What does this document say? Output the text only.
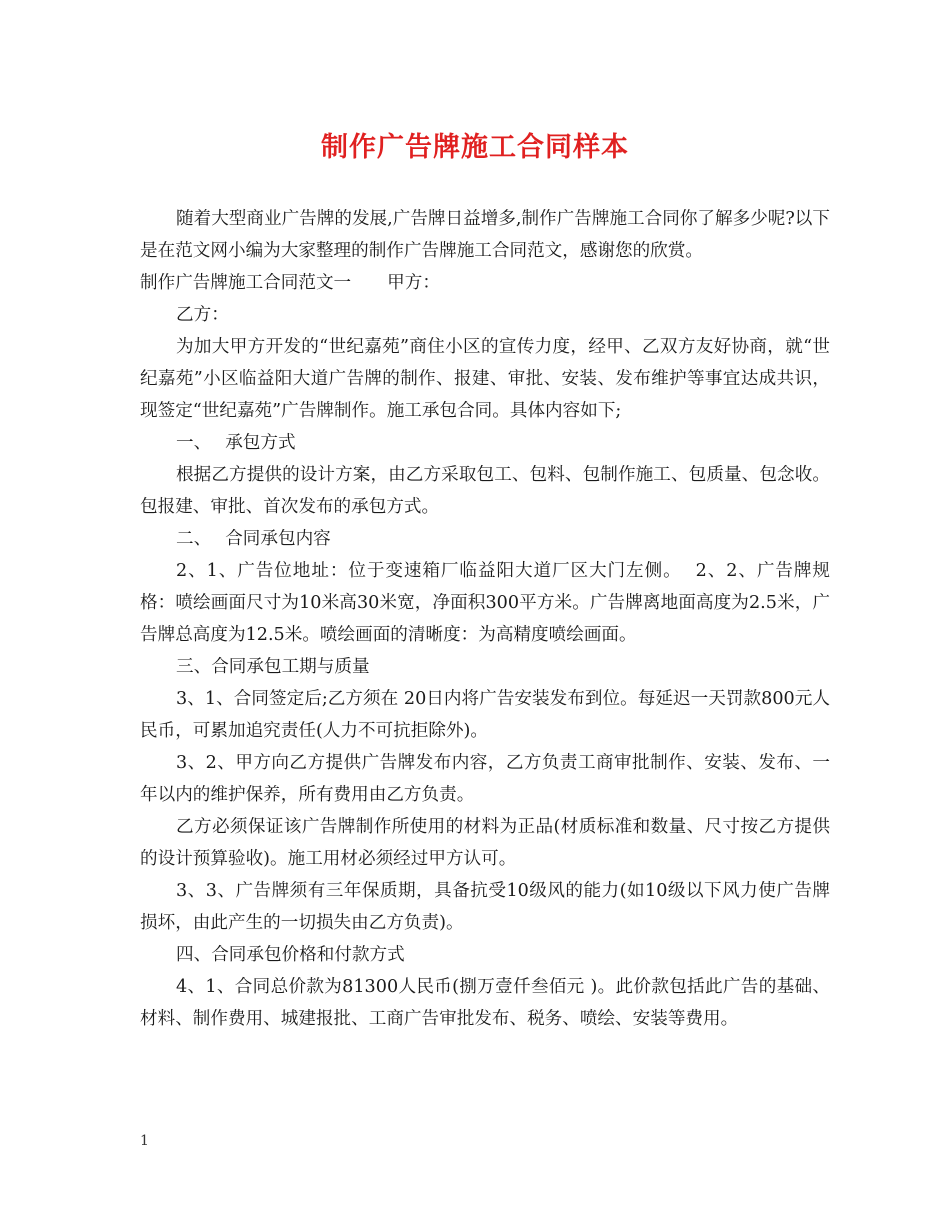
制作广告牌施工合同样本

随着大型商业广告牌的发展,广告牌日益增多,制作广告牌施工合同你了解多少呢?以下是在范文网小编为大家整理的制作广告牌施工合同范文，感谢您的欣赏。

制作广告牌施工合同范文一 甲方：

乙方：

为加大甲方开发的“世纪嘉苑”商住小区的宣传力度，经甲、乙双方友好协商，就“世纪嘉苑”小区临益阳大道广告牌的制作、报建、审批、安装、发布维护等事宜达成共识，现签定“世纪嘉苑”广告牌制作。施工承包合同。具体内容如下;

一、 承包方式

根据乙方提供的设计方案，由乙方采取包工、包料、包制作施工、包质量、包念收。包报建、审批、首次发布的承包方式。

二、 合同承包内容

2、1、广告位地址：位于变速箱厂临益阳大道厂区大门左侧。 2、2、广告牌规格：喷绘画面尺寸为10米高30米宽，净面积300平方米。广告牌离地面高度为2.5米，广告牌总高度为12.5米。喷绘画面的清晰度：为高精度喷绘画面。

三、合同承包工期与质量

3、1、合同签定后;乙方须在 20日内将广告安装发布到位。每延迟一天罚款800元人民币，可累加追究责任(人力不可抗拒除外)。

3、2、甲方向乙方提供广告牌发布内容，乙方负责工商审批制作、安装、发布、一年以内的维护保养，所有费用由乙方负责。

乙方必须保证该广告牌制作所使用的材料为正品(材质标准和数量、尺寸按乙方提供的设计预算验收)。施工用材必须经过甲方认可。

3、3、广告牌须有三年保质期，具备抗受10级风的能力(如10级以下风力使广告牌损坏，由此产生的一切损失由乙方负责)。

四、合同承包价格和付款方式

4、1、合同总价款为81300人民币(捌万壹仟叁佰元 )。此价款包括此广告的基础、材料、制作费用、城建报批、工商广告审批发布、税务、喷绘、安装等费用。

1
